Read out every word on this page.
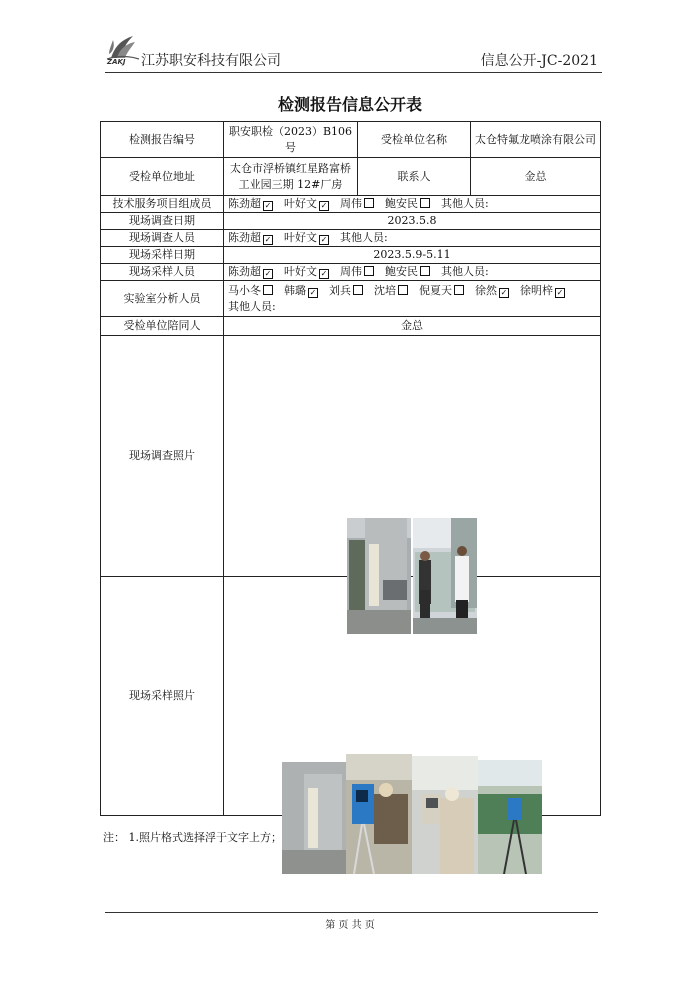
ZAKJ 江苏职安科技有限公司	信息公开-JC-2021
检测报告信息公开表
检测报告编号	职安职检（2023）B106 号	受检单位名称	太仓特氟龙喷涂有限公司
受检单位地址	太仓市浮桥镇红星路富桥工业园三期 12#厂房	联系人	金总
技术服务项目组成员	陈劲超 ✓ 叶好文 ✓ 周伟 鲍安民 其他人员:		
现场调查日期	2023.5.8		
现场调查人员	陈劲超 ✓ 叶好文 ✓ 其他人员:		
现场采样日期	2023.5.9-5.11		
现场采样人员	陈劲超 ✓ 叶好文 ✓ 周伟 鲍安民 其他人员:		
实验室分析人员	马小冬 韩璐 ✓ 刘兵 沈培 倪夏天 徐然 ✓ 徐明梓 ✓
其他人员:		

受检单位陪同人	金总		
现场调查照片	

现场采样照片	
注： 1.照片格式选择浮于文字上方；
第 页 共 页
